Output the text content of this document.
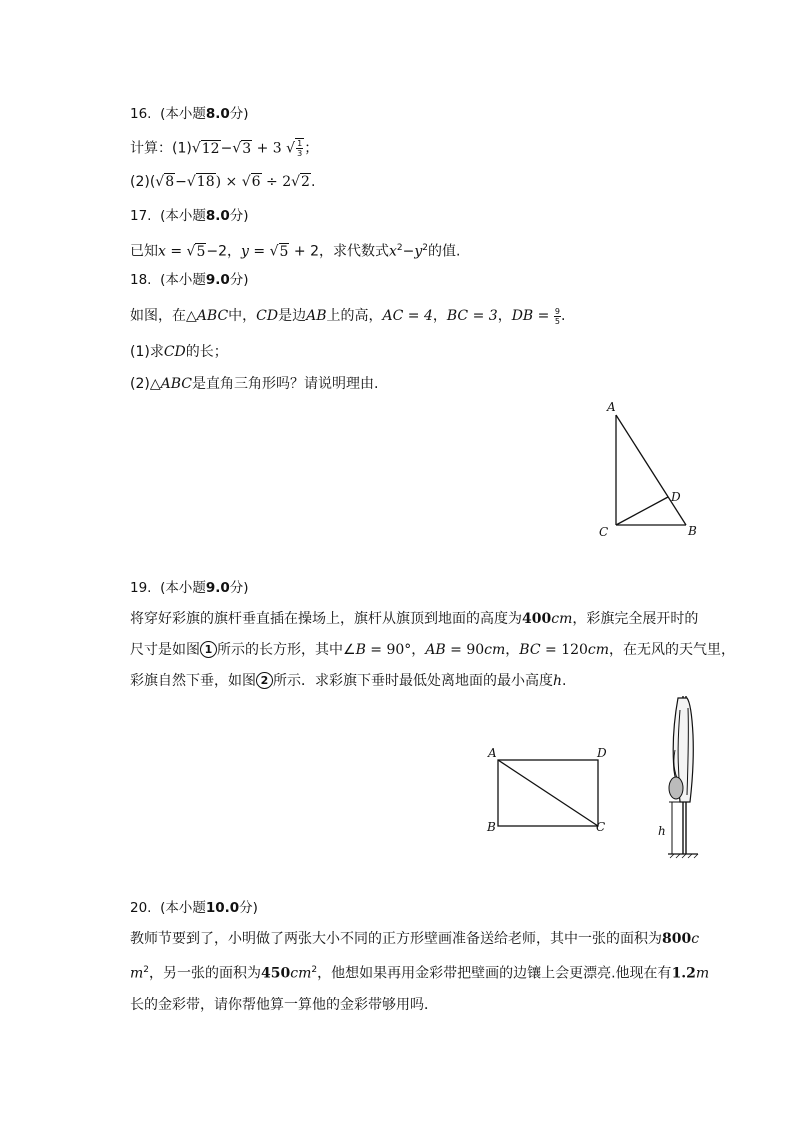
16. (本小题8.0分)
计算：(1)√12−√3 + 3 √ $\frac{1}{3}$ ；
(2)(√8−√18) × √6 ÷ 2√2.
17. (本小题8.0分)
已知x = √5−2，y = √5 + 2，求代数式$x^2-y^2$的值.
18. (本小题9.0分)
如图，在△ABC中，CD是边AB上的高，AC = 4，BC = 3，DB = $\frac{9}{5}$ .
(1)求CD的长；
(2)△ABC是直角三角形吗？请说明理由.
A
B
C
D
19. (本小题9.0分)
将穿好彩旗的旗杆垂直插在操场上，旗杆从旗顶到地面的高度为400cm，彩旗完全展开时的
尺寸是如图 1 所示的长方形，其中∠B = 90°，AB = 90cm，BC = 120cm，在无风的天气里，
彩旗自然下垂，如图 2 所示．求彩旗下垂时最低处离地面的最小高度h.
A
B	C
D
h
20. (本小题10.0分)
教师节要到了，小明做了两张大小不同的正方形壁画准备送给老师，其中一张的面积为800c
$m^2$，另一张的面积为$450cm^2$，他想如果再用金彩带把壁画的边镶上会更漂亮.他现在有1.2m
长的金彩带，请你帮他算一算他的金彩带够用吗．
